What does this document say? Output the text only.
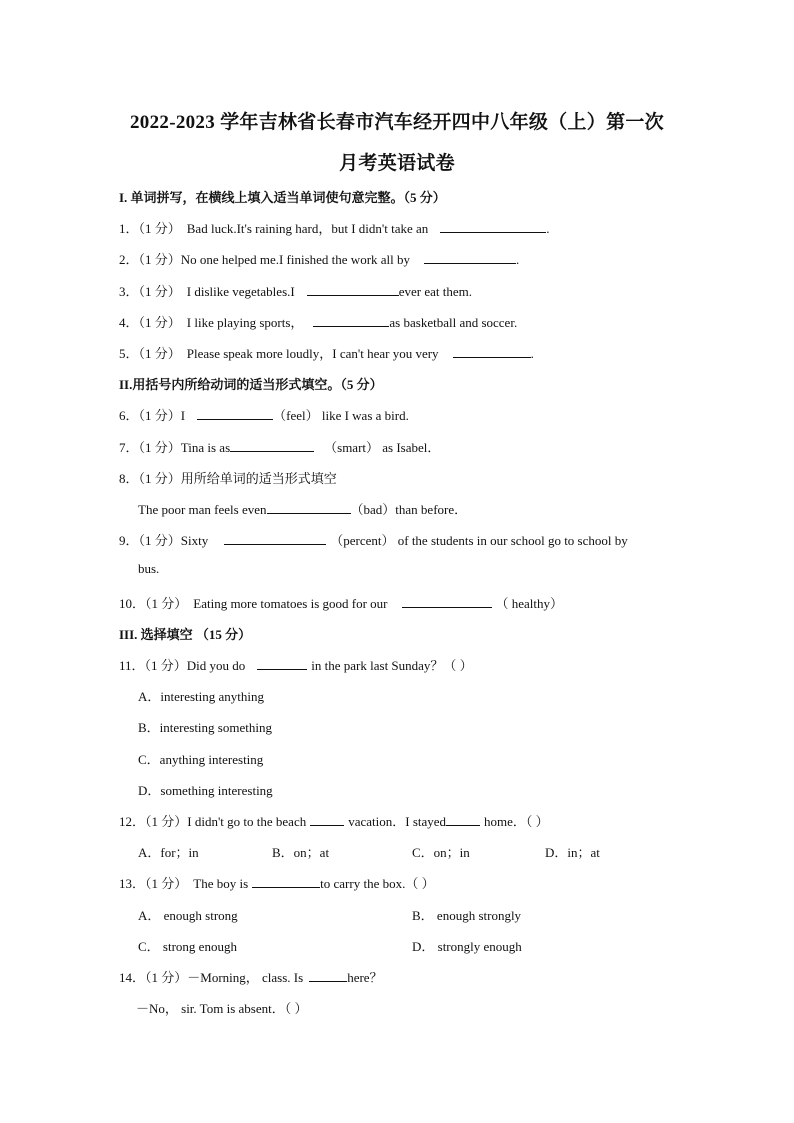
2022-2023 学年吉林省长春市汽车经开四中八年级（上）第一次
月考英语试卷
I. 单词拼写，在横线上填入适当单词使句意完整。（5 分）
1．（1 分） Bad luck.It's raining hard，but I didn't take an	.
2．（1 分）No one helped me.I finished the work all by	.
3．（1 分） I dislike vegetables.I	ever eat them.
4．（1 分） I like playing sports，	as basketball and soccer.
5．（1 分） Please speak more loudly，I can't hear you very	.
II.用括号内所给动词的适当形式填空。（5 分）
6．（1 分）I	（feel） like I was a bird.
7．（1 分）Tina is as	（smart） as Isabel．
8．（1 分）用所给单词的适当形式填空
The poor man feels even	（bad）than before．
9．（1 分）Sixty	（percent） of the students in our school go to school by
bus.
10．（1 分） Eating more tomatoes is good for our	（ healthy）
III. 选择填空 （15 分）
11．（1 分）Did you do	in the park last Sunday？（ ）
A．interesting anything
B．interesting something
C．anything interesting
D．something interesting
12．（1 分）I didn't go to the beach	vacation．I stayed	home．（ ）
A．for；in	B．on；at	C．on；in	D．in；at
13．（1 分） The boy is	to carry the box.（ ）
A． enough strong	B． enough strongly
C． strong enough	D． strongly enough
14．（1 分）－Morning， class. Is	here？
－No， sir. Tom is absent．（ ）
